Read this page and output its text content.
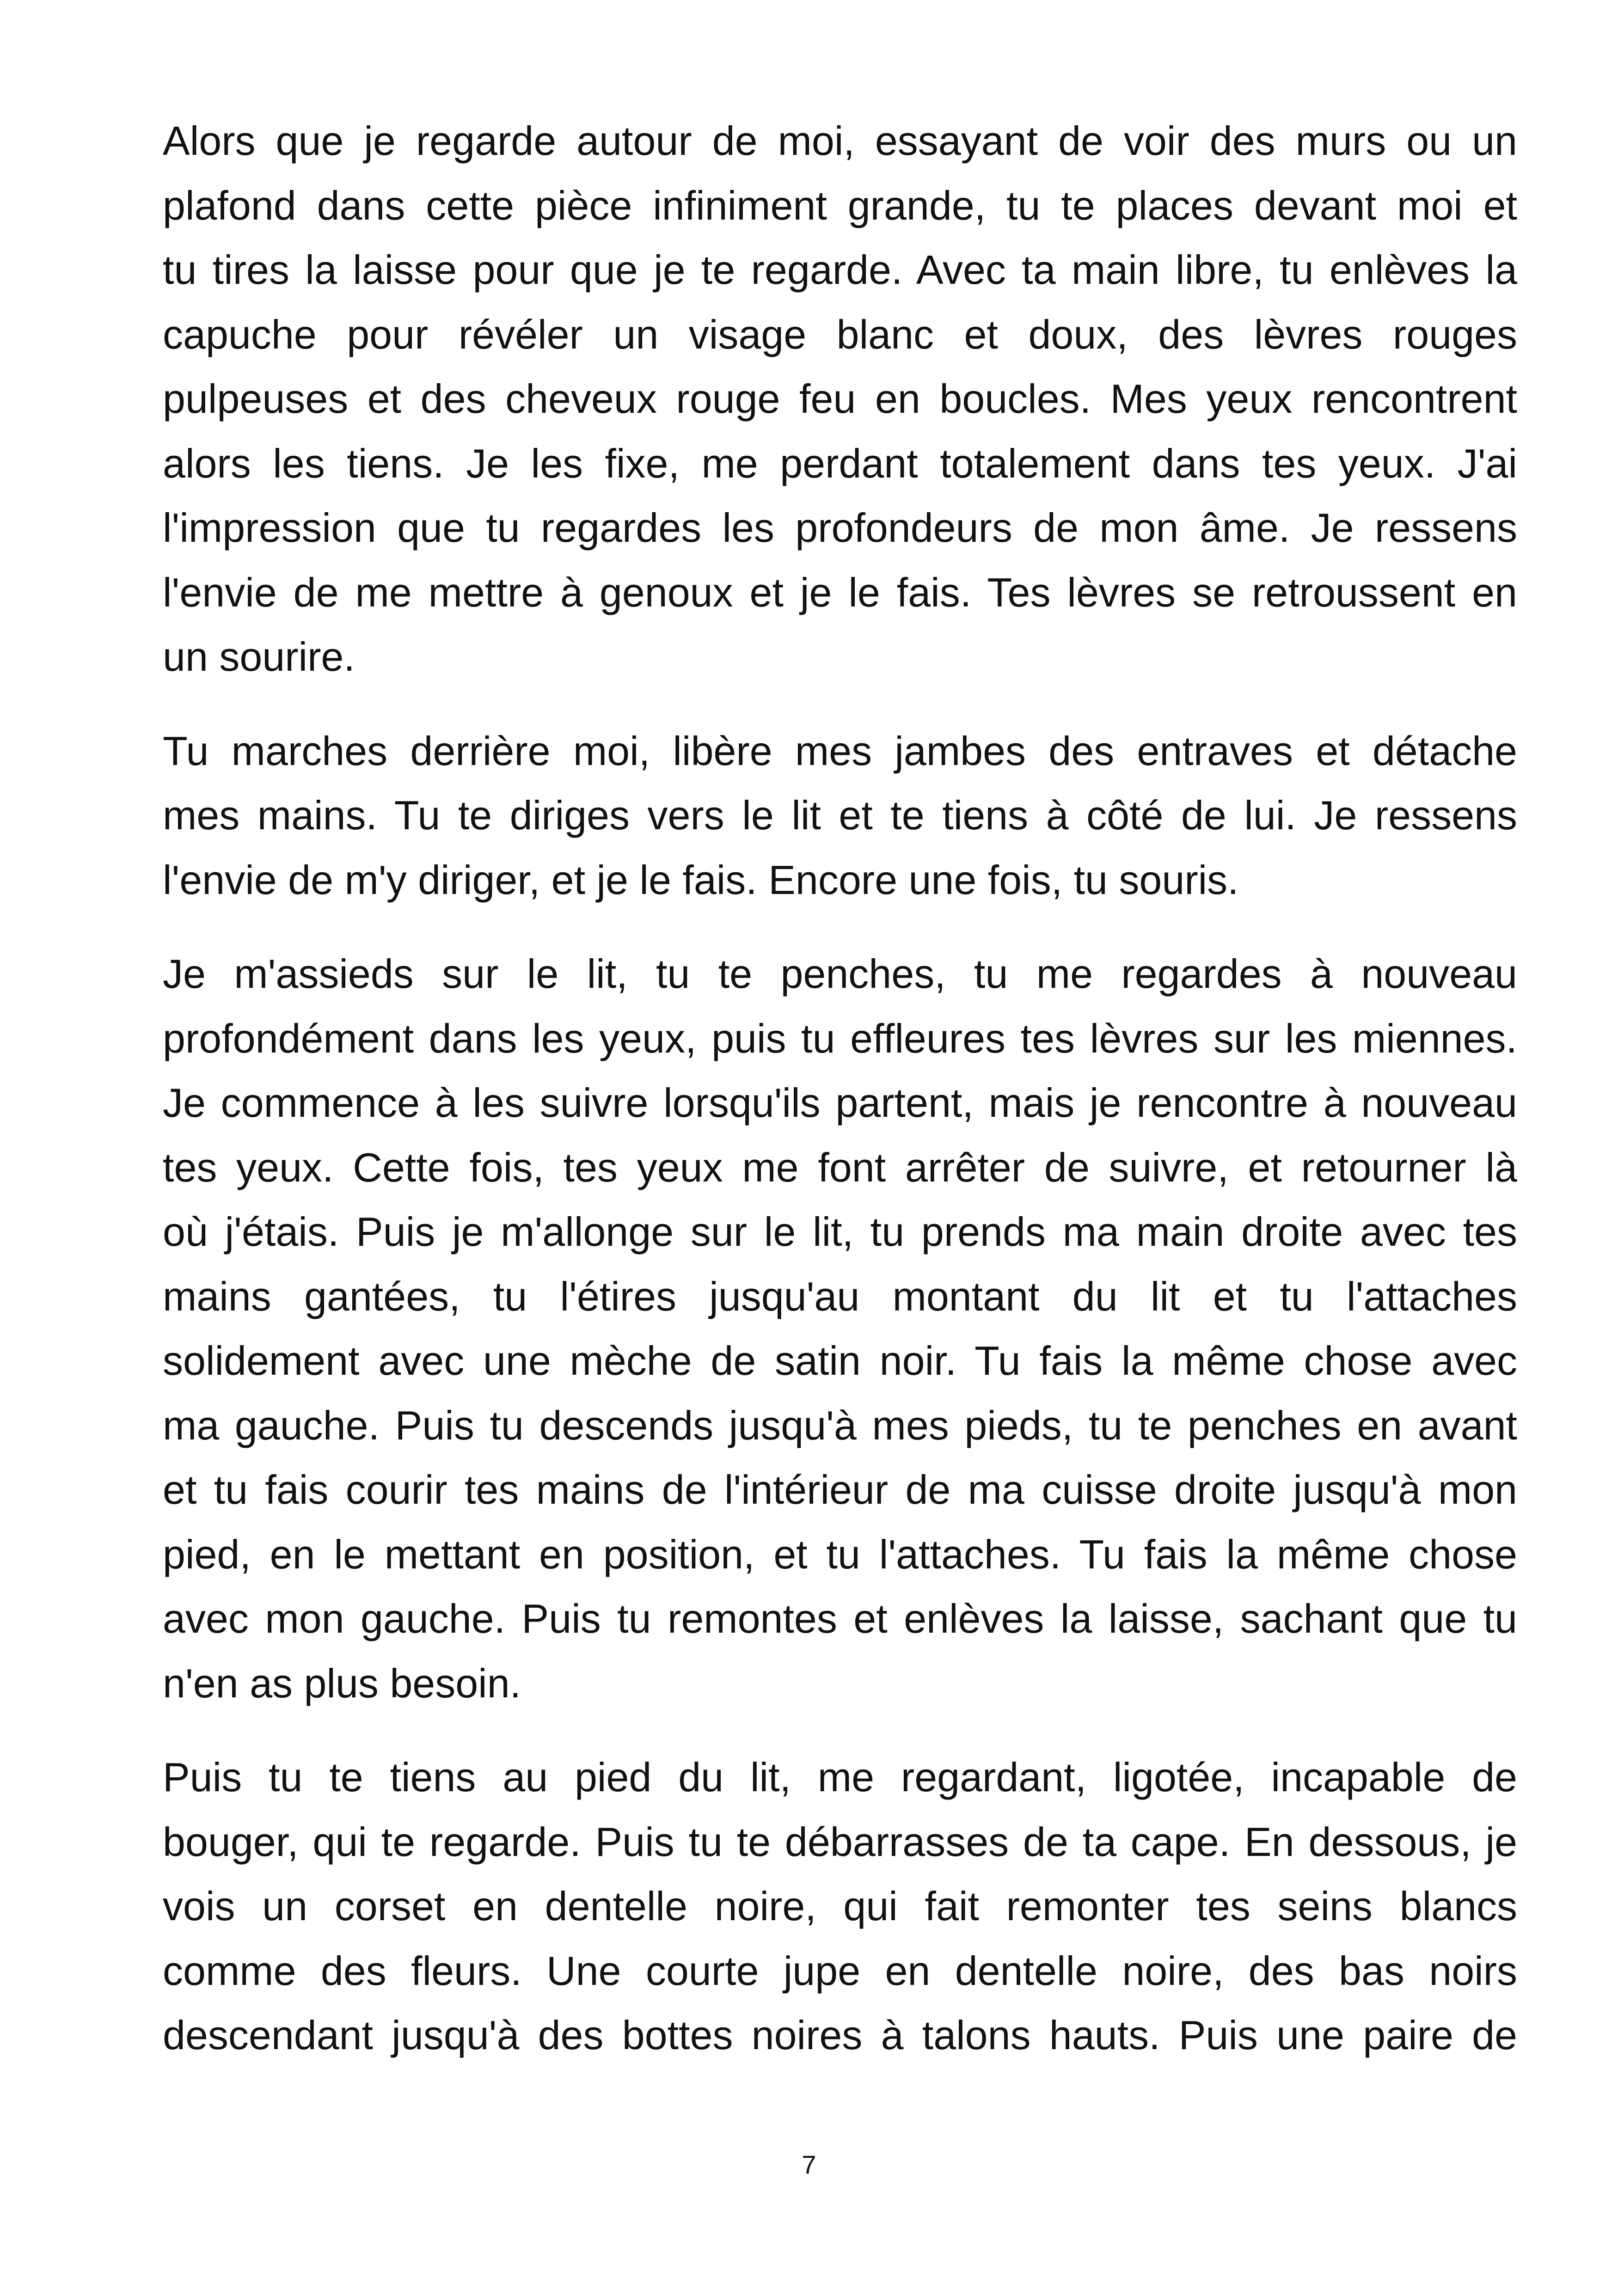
Alors que je regarde autour de moi, essayant de voir des murs ou un
plafond dans cette pièce infiniment grande, tu te places devant moi et
tu tires la laisse pour que je te regarde. Avec ta main libre, tu enlèves la
capuche pour révéler un visage blanc et doux, des lèvres rouges
pulpeuses et des cheveux rouge feu en boucles. Mes yeux rencontrent
alors les tiens. Je les fixe, me perdant totalement dans tes yeux. J'ai
l'impression que tu regardes les profondeurs de mon âme. Je ressens
l'envie de me mettre à genoux et je le fais. Tes lèvres se retroussent en
un sourire.

Tu marches derrière moi, libère mes jambes des entraves et détache
mes mains. Tu te diriges vers le lit et te tiens à côté de lui. Je ressens
l'envie de m'y diriger, et je le fais. Encore une fois, tu souris.

Je m'assieds sur le lit, tu te penches, tu me regardes à nouveau
profondément dans les yeux, puis tu effleures tes lèvres sur les miennes.
Je commence à les suivre lorsqu'ils partent, mais je rencontre à nouveau
tes yeux. Cette fois, tes yeux me font arrêter de suivre, et retourner là
où j'étais. Puis je m'allonge sur le lit, tu prends ma main droite avec tes
mains gantées, tu l'étires jusqu'au montant du lit et tu l'attaches
solidement avec une mèche de satin noir. Tu fais la même chose avec
ma gauche. Puis tu descends jusqu'à mes pieds, tu te penches en avant
et tu fais courir tes mains de l'intérieur de ma cuisse droite jusqu'à mon
pied, en le mettant en position, et tu l'attaches. Tu fais la même chose
avec mon gauche. Puis tu remontes et enlèves la laisse, sachant que tu
n'en as plus besoin.

Puis tu te tiens au pied du lit, me regardant, ligotée, incapable de
bouger, qui te regarde. Puis tu te débarrasses de ta cape. En dessous, je
vois un corset en dentelle noire, qui fait remonter tes seins blancs
comme des fleurs. Une courte jupe en dentelle noire, des bas noirs
descendant jusqu'à des bottes noires à talons hauts. Puis une paire de

7
